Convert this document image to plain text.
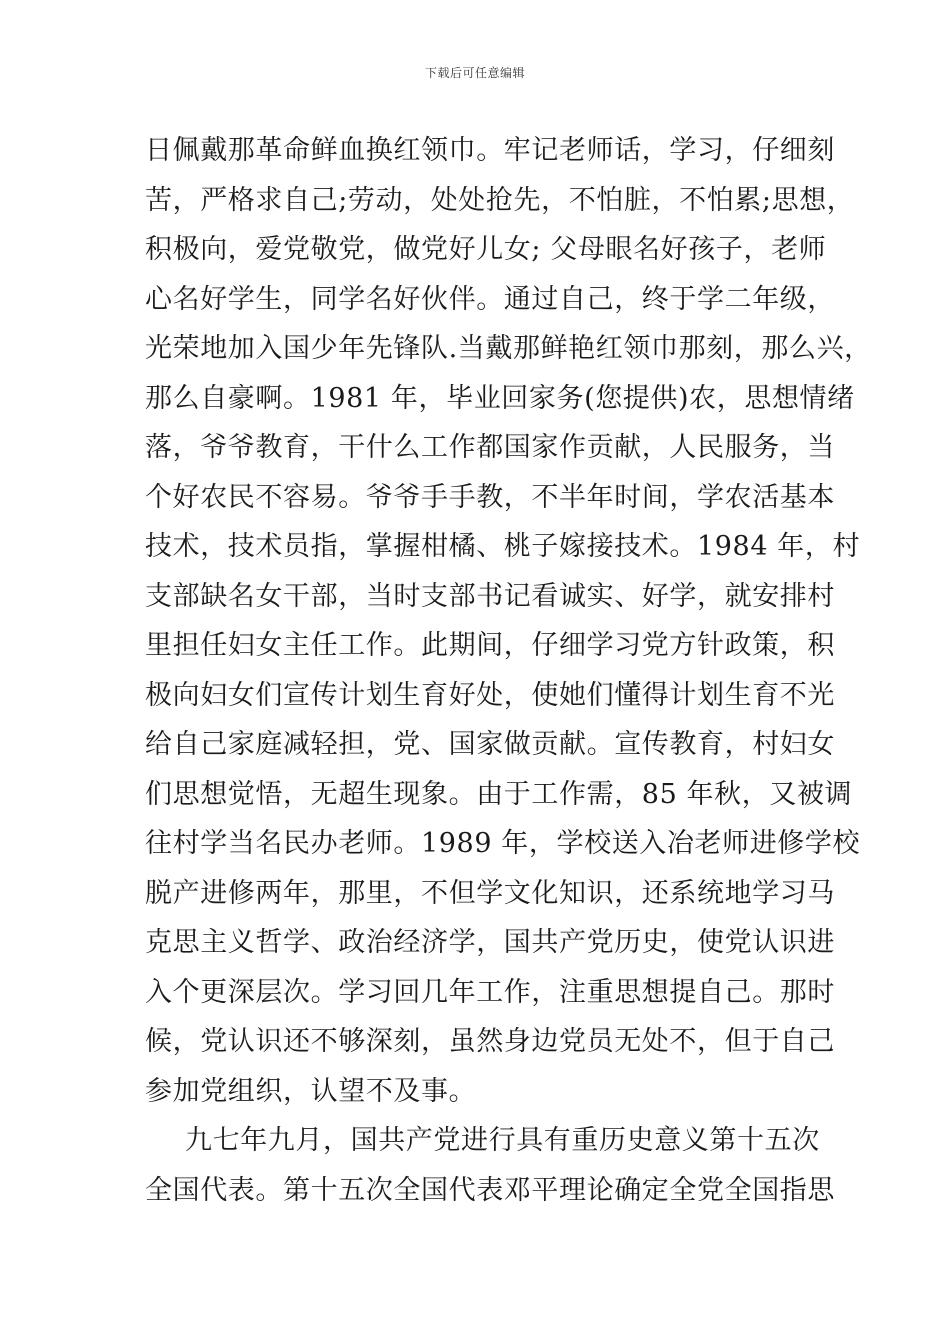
下载后可任意编辑
日佩戴那革命鲜血换红领巾。牢记老师话，学习，仔细刻
苦，严格求自己;劳动，处处抢先，不怕脏，不怕累;思想，
积极向，爱党敬党，做党好儿女; 父母眼名好孩子，老师
心名好学生，同学名好伙伴。通过自己，终于学二年级，
光荣地加入国少年先锋队.当戴那鲜艳红领巾那刻，那么兴，
那么自豪啊。1981 年，毕业回家务(您提供)农，思想情绪
落，爷爷教育，干什么工作都国家作贡献，人民服务，当
个好农民不容易。爷爷手手教，不半年时间，学农活基本
技术，技术员指，掌握柑橘、桃子嫁接技术。1984 年，村
支部缺名女干部，当时支部书记看诚实、好学，就安排村
里担任妇女主任工作。此期间，仔细学习党方针政策，积
极向妇女们宣传计划生育好处，使她们懂得计划生育不光
给自己家庭减轻担，党、国家做贡献。宣传教育，村妇女
们思想觉悟，无超生现象。由于工作需，85 年秋，又被调
往村学当名民办老师。1989 年，学校送入冶老师进修学校
脱产进修两年，那里，不但学文化知识，还系统地学习马
克思主义哲学、政治经济学，国共产党历史，使党认识进
入个更深层次。学习回几年工作，注重思想提自己。那时
候，党认识还不够深刻，虽然身边党员无处不，但于自己
参加党组织，认望不及事。
九七年九月，国共产党进行具有重历史意义第十五次
全国代表。第十五次全国代表邓平理论确定全党全国指思
